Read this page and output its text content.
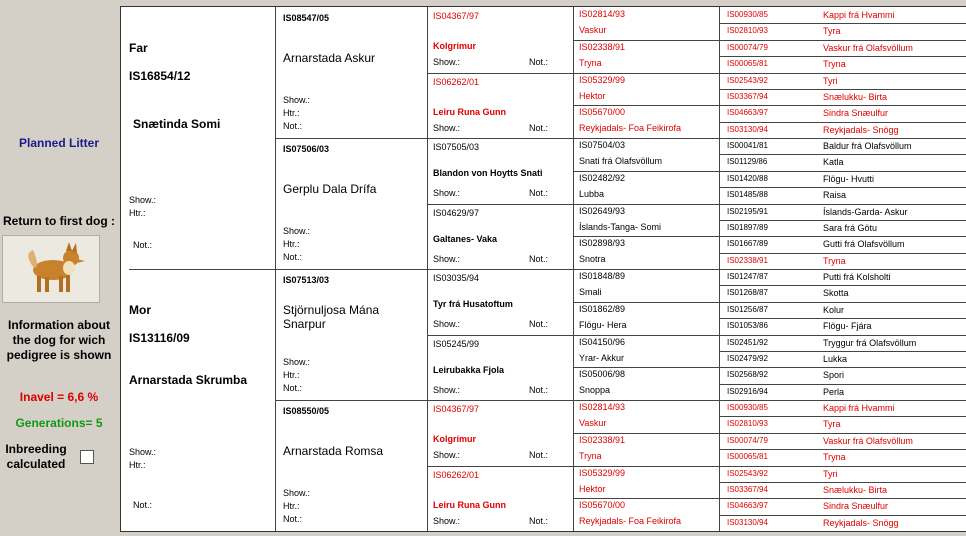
Planned Litter
Return to first dog :
Information about the dog for wich pedigree is shown
Inavel = 6,6 %
Generations= 5
Inbreeding calculated
Far
IS16854/12
Snætinda Somi
Show.:
Htr.:
Not.:
Mor
IS13116/09
Arnarstada Skrumba
Show.:
Htr.:
Not.:
IS08547/05
Arnarstada Askur
Show.:
Htr.:
Not.:
IS07506/03
Gerplu Dala Drífa
Show.:
Htr.:
Not.:
IS07513/03
Stjörnuljosa Mána Snarpur
Show.:
Htr.:
Not.:
IS08550/05
Arnarstada Romsa
Show.:
Htr.:
Not.:
IS04367/97
Kolgrímur
Show.:	Not.:
IS06262/01
Leiru Runa Gunn
Show.:	Not.:
IS07505/03
Blandon von Hoytts Snati
Show.:	Not.:
IS04629/97
Galtanes- Vaka
Show.:	Not.:
IS03035/94
Tyr frá Husatoftum
Show.:	Not.:
IS05245/99
Leirubakka Fjola
Show.:	Not.:
IS04367/97
Kolgrímur
Show.:	Not.:
IS06262/01
Leiru Runa Gunn
Show.:	Not.:
IS02814/93
Vaskur
IS02338/91
Tryna
IS05329/99
Hektor
IS05670/00
Reykjadals- Foa Feikirofa
IS07504/03
Snati frá Olafsvöllum
IS02482/92
Lubba
IS02649/93
Íslands-Tanga- Somi
IS02898/93
Snotra
IS01848/89
Smali
IS01862/89
Flögu- Hera
IS04150/96
Yrar- Akkur
IS05006/98
Snoppa
IS02814/93
Vaskur
IS02338/91
Tryna
IS05329/99
Hektor
IS05670/00
Reykjadals- Foa Feikirofa
IS00930/85	Kappi frá Hvammi
IS02810/93	Tyra
IS00074/79	Vaskur frá Olafsvöllum
IS00065/81	Tryna
IS02543/92	Tyri
IS03367/94	Snælukku- Birta
IS04663/97	Sindra Snæulfur
IS03130/94	Reykjadals- Snögg
IS00041/81	Baldur frá Olafsvöllum
IS01129/86	Katla
IS01420/88	Flögu- Hvutti
IS01485/88	Raisa
IS02195/91	Íslands-Garda- Askur
IS01897/89	Sara frá Götu
IS01667/89	Gutti frá Olafsvöllum
IS02338/91	Tryna
IS01247/87	Putti frá Kolsholti
IS01268/87	Skotta
IS01256/87	Kolur
IS01053/86	Flögu- Fjára
IS02451/92	Tryggur frá Olafsvöllum
IS02479/92	Lukka
IS02568/92	Spori
IS02916/94	Perla
IS00930/85	Kappi frá Hvammi
IS02810/93	Tyra
IS00074/79	Vaskur frá Olafsvöllum
IS00065/81	Tryna
IS02543/92	Tyri
IS03367/94	Snælukku- Birta
IS04663/97	Sindra Snæulfur
IS03130/94	Reykjadals- Snögg
